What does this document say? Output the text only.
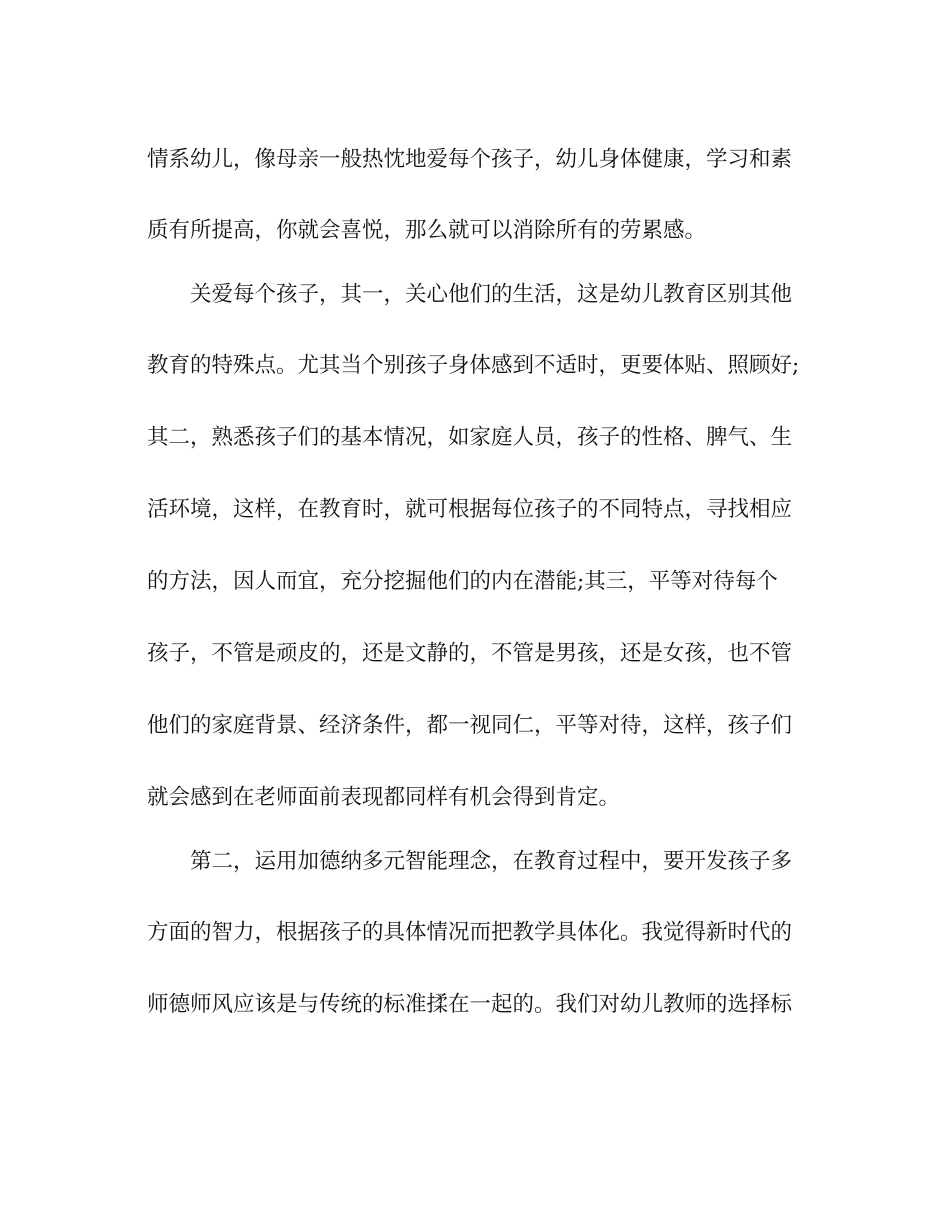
情系幼儿，像母亲一般热忱地爱每个孩子，幼儿身体健康，学习和素
质有所提高，你就会喜悦，那么就可以消除所有的劳累感。
关爱每个孩子，其一，关心他们的生活，这是幼儿教育区别其他
教育的特殊点。尤其当个别孩子身体感到不适时，更要体贴、照顾好;
其二，熟悉孩子们的基本情况，如家庭人员，孩子的性格、脾气、生
活环境，这样，在教育时，就可根据每位孩子的不同特点，寻找相应
的方法，因人而宜，充分挖掘他们的内在潜能;其三，平等对待每个
孩子，不管是顽皮的，还是文静的，不管是男孩，还是女孩，也不管
他们的家庭背景、经济条件，都一视同仁，平等对待，这样，孩子们
就会感到在老师面前表现都同样有机会得到肯定。
第二，运用加德纳多元智能理念，在教育过程中，要开发孩子多
方面的智力，根据孩子的具体情况而把教学具体化。我觉得新时代的
师德师风应该是与传统的标准揉在一起的。我们对幼儿教师的选择标
